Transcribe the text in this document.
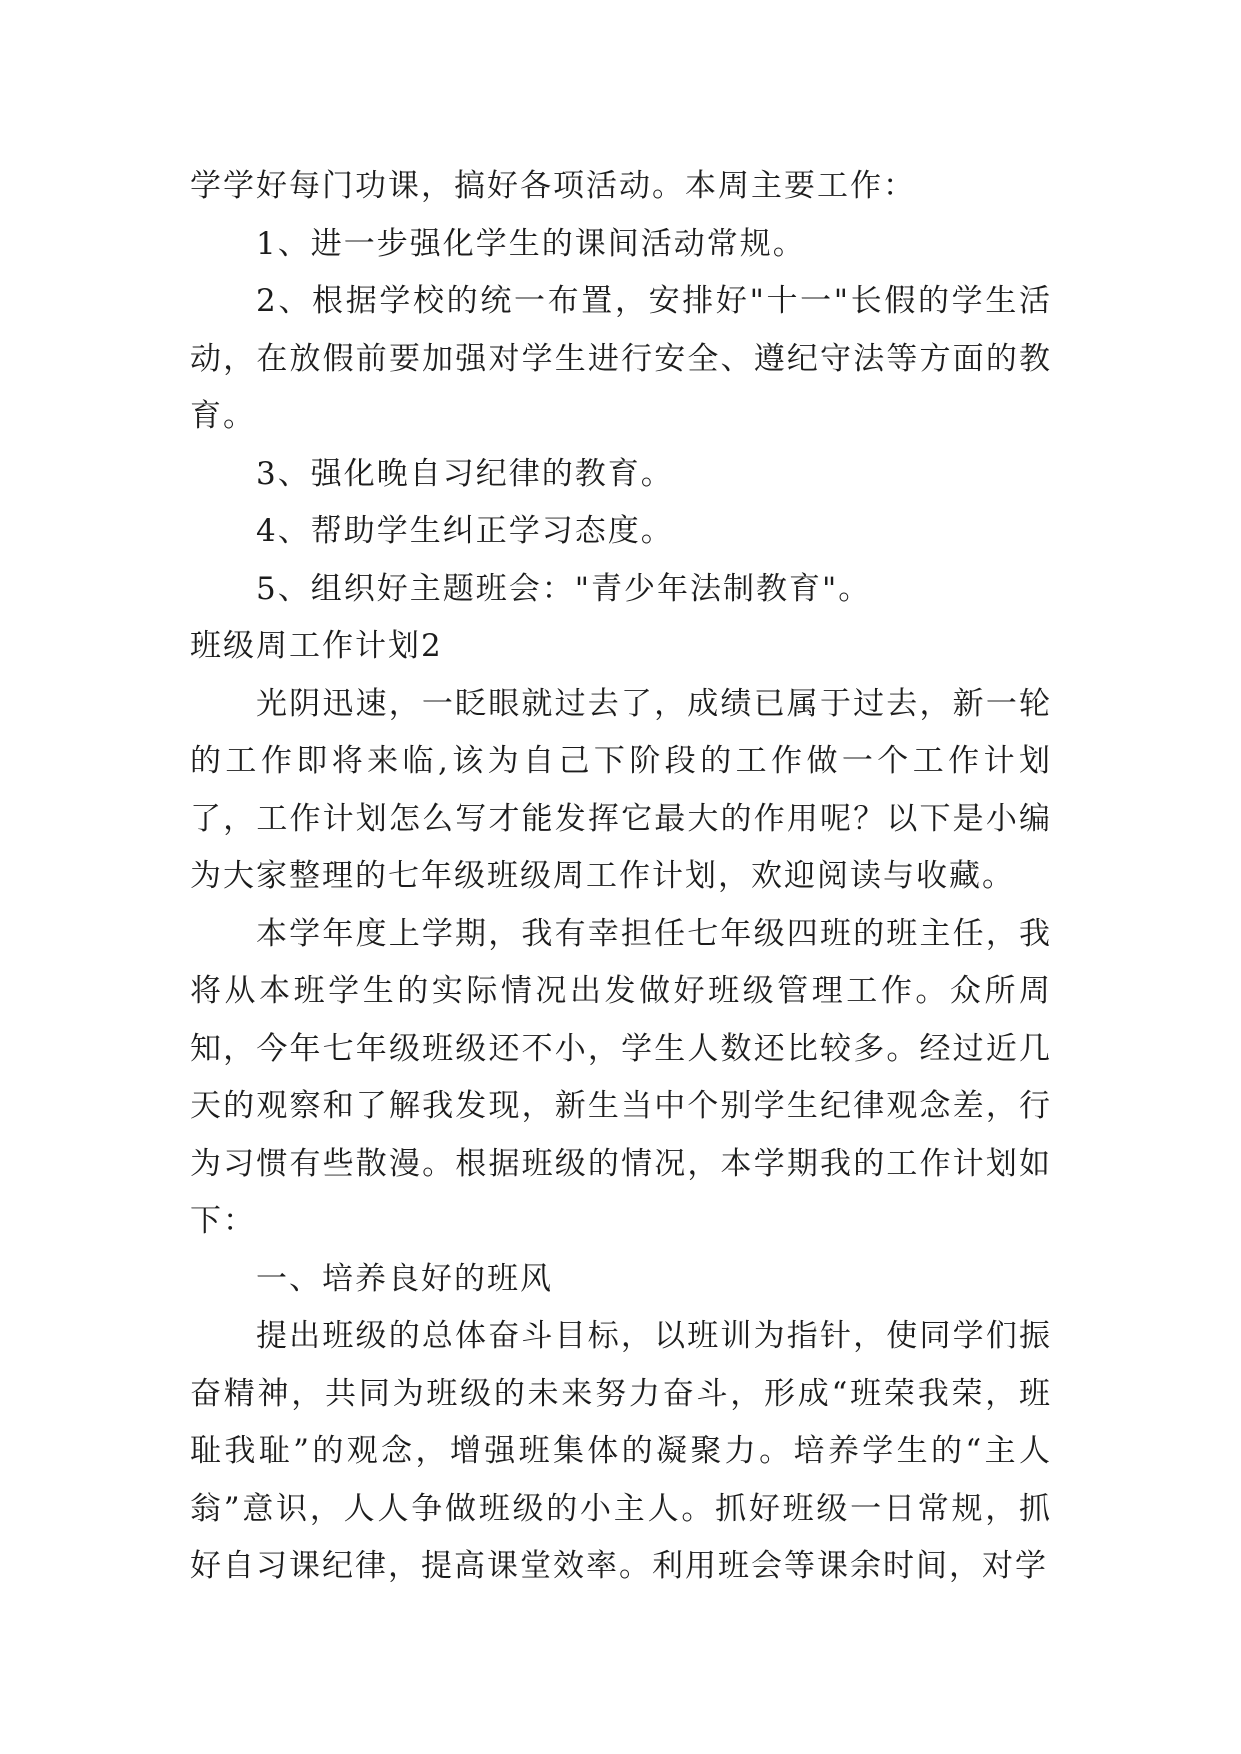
学学好每门功课，搞好各项活动。本周主要工作：

1、进一步强化学生的课间活动常规。

2、根据学校的统一布置，安排好"十一"长假的学生活动，在放假前要加强对学生进行安全、遵纪守法等方面的教育。

3、强化晚自习纪律的教育。

4、帮助学生纠正学习态度。

5、组织好主题班会："青少年法制教育"。

班级周工作计划2

光阴迅速，一眨眼就过去了，成绩已属于过去，新一轮的工作即将来临,该为自己下阶段的工作做一个工作计划了，工作计划怎么写才能发挥它最大的作用呢？以下是小编为大家整理的七年级班级周工作计划，欢迎阅读与收藏。

本学年度上学期，我有幸担任七年级四班的班主任，我将从本班学生的实际情况出发做好班级管理工作。众所周知，今年七年级班级还不小，学生人数还比较多。经过近几天的观察和了解我发现，新生当中个别学生纪律观念差，行为习惯有些散漫。根据班级的情况，本学期我的工作计划如下：

一、培养良好的班风

提出班级的总体奋斗目标，以班训为指针，使同学们振奋精神，共同为班级的未来努力奋斗，形成“班荣我荣，班耻我耻”的观念，增强班集体的凝聚力。培养学生的“主人翁”意识，人人争做班级的小主人。抓好班级一日常规，抓好自习课纪律，提高课堂效率。利用班会等课余时间，对学
